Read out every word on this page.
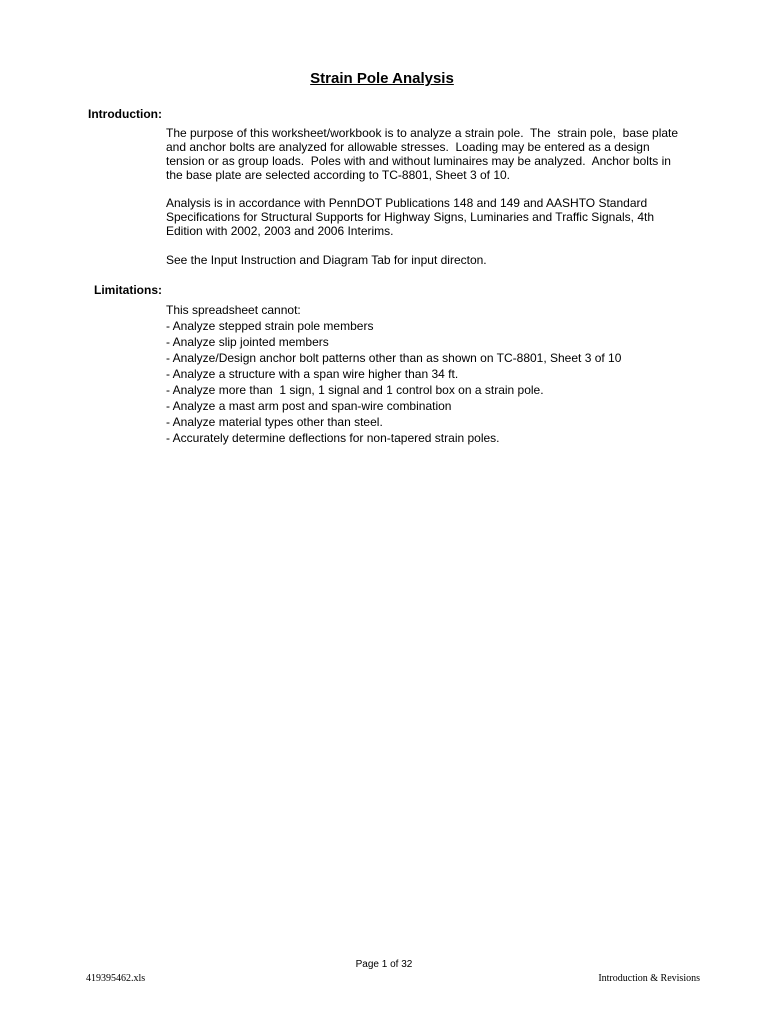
Strain Pole Analysis
Introduction:
The purpose of this worksheet/workbook is to analyze a strain pole.  The  strain pole,  base plate
and anchor bolts are analyzed for allowable stresses.  Loading may be entered as a design
tension or as group loads.  Poles with and without luminaires may be analyzed.  Anchor bolts in
the base plate are selected according to TC-8801, Sheet 3 of 10.
Analysis is in accordance with PennDOT Publications 148 and 149 and AASHTO Standard
Specifications for Structural Supports for Highway Signs, Luminaries and Traffic Signals, 4th
Edition with 2002, 2003 and 2006 Interims.
See the Input Instruction and Diagram Tab for input directon.
Limitations:
This spreadsheet cannot:
- Analyze stepped strain pole members
- Analyze slip jointed members
- Analyze/Design anchor bolt patterns other than as shown on TC-8801, Sheet 3 of 10
- Analyze a structure with a span wire higher than 34 ft.
- Analyze more than  1 sign, 1 signal and 1 control box on a strain pole.
- Analyze a mast arm post and span-wire combination
- Analyze material types other than steel.
- Accurately determine deflections for non-tapered strain poles.
Page 1 of 32
419395462.xls	Introduction & Revisions
